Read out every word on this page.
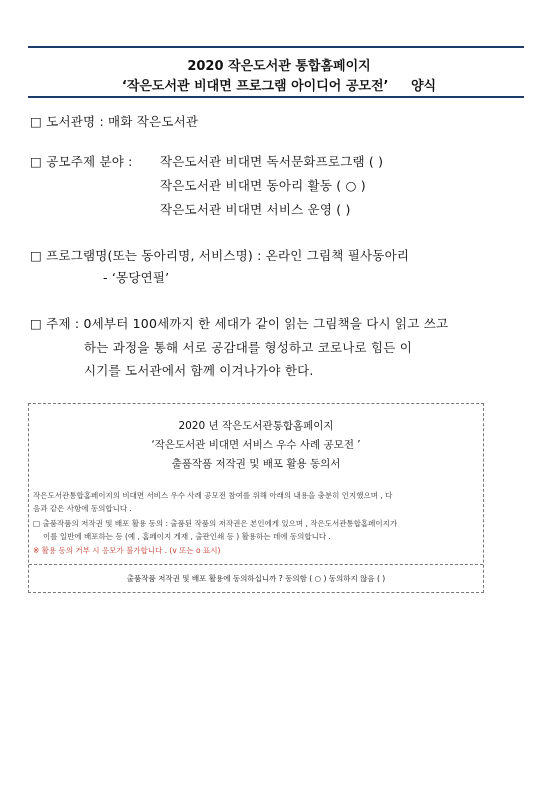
2020 작은도서관 통합홈페이지
‘작은도서관 비대면 프로그램 아이디어 공모전’ 양식
□ 도서관명 : 매화 작은도서관
□ 공모주제 분야 : 작은도서관 비대면 독서문화프로그램 ( )
작은도서관 비대면 동아리 활동 ( ○ )
작은도서관 비대면 서비스 운영 ( )
□ 프로그램명(또는 동아리명, 서비스명) : 온라인 그림책 필사동아리
- ‘몽당연필’
□ 주제 : 0세부터 100세까지 한 세대가 같이 읽는 그림책을 다시 읽고 쓰고
하는 과정을 통해 서로 공감대를 형성하고 코로나로 힘든 이
시기를 도서관에서 함께 이겨나가야 한다.
2020 년 작은도서관통합홈페이지
‘작은도서관 비대면 서비스 우수 사례 공모전 ’
출품작품 저작권 및 배포 활용 동의서
작은도서관통합홈페이지의 비대면 서비스 우수 사례 공모전 참여를 위해 아래의 내용을 충분히 인지했으며 , 다
음과 같은 사항에 동의합니다 .
□ 출품작품의 저작권 및 배포 활용 동의 : 출품된 작품의 저작권은 본인에게 있으며 , 작은도서관통합홈페이지가
이를 일반에 배포하는 등 (예 , 홈페이지 게재 , 출판인쇄 등 ) 활용하는 데에 동의합니다 .
※ 활용 동의 거부 시 응모가 불가합니다 . (v 또는 o 표시)
출품작품 저작권 및 배포 활용에 동의하십니까 ? 동의함 ( ○ ) 동의하지 않음 ( )
